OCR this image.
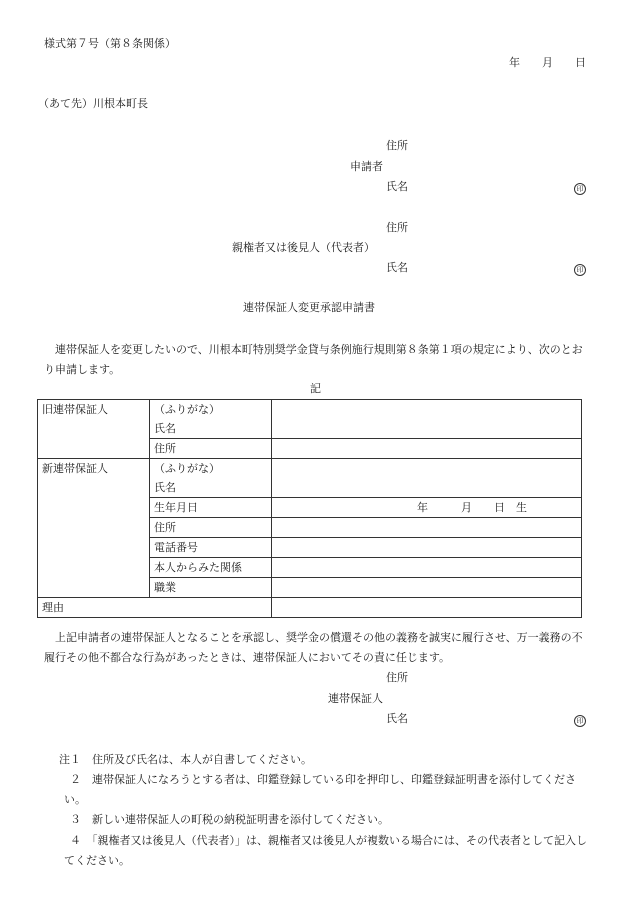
様式第７号（第８条関係）
年　　月　　日
（あて先）川根本町長
住所
申請者
氏名	印
住所
親権者又は後見人（代表者）
氏名	印
連帯保証人変更承認申請書
連帯保証人を変更したいので、川根本町特別奨学金貸与条例施行規則第８条第１項の規定により、次のとおり申請します。
記
旧連帯保証人	（ふりがな）	
	氏名	
	住所	
新連帯保証人	（ふりがな）	
	氏名	
	生年月日	年　　　月　　日　生
	住所	
	電話番号	
	本人からみた関係	
	職業	
理由		
上記申請者の連帯保証人となることを承認し、奨学金の償還その他の義務を誠実に履行させ、万一義務の不履行その他不都合な行為があったときは、連帯保証人においてその責に任じます。
住所
連帯保証人
氏名	印
注１　住所及び氏名は、本人が自書してください。
２　連帯保証人になろうとする者は、印鑑登録している印を押印し、印鑑登録証明書を添付してください。
３　新しい連帯保証人の町税の納税証明書を添付してください。
４　「親権者又は後見人（代表者）」は、親権者又は後見人が複数いる場合には、その代表者として記入してください。
